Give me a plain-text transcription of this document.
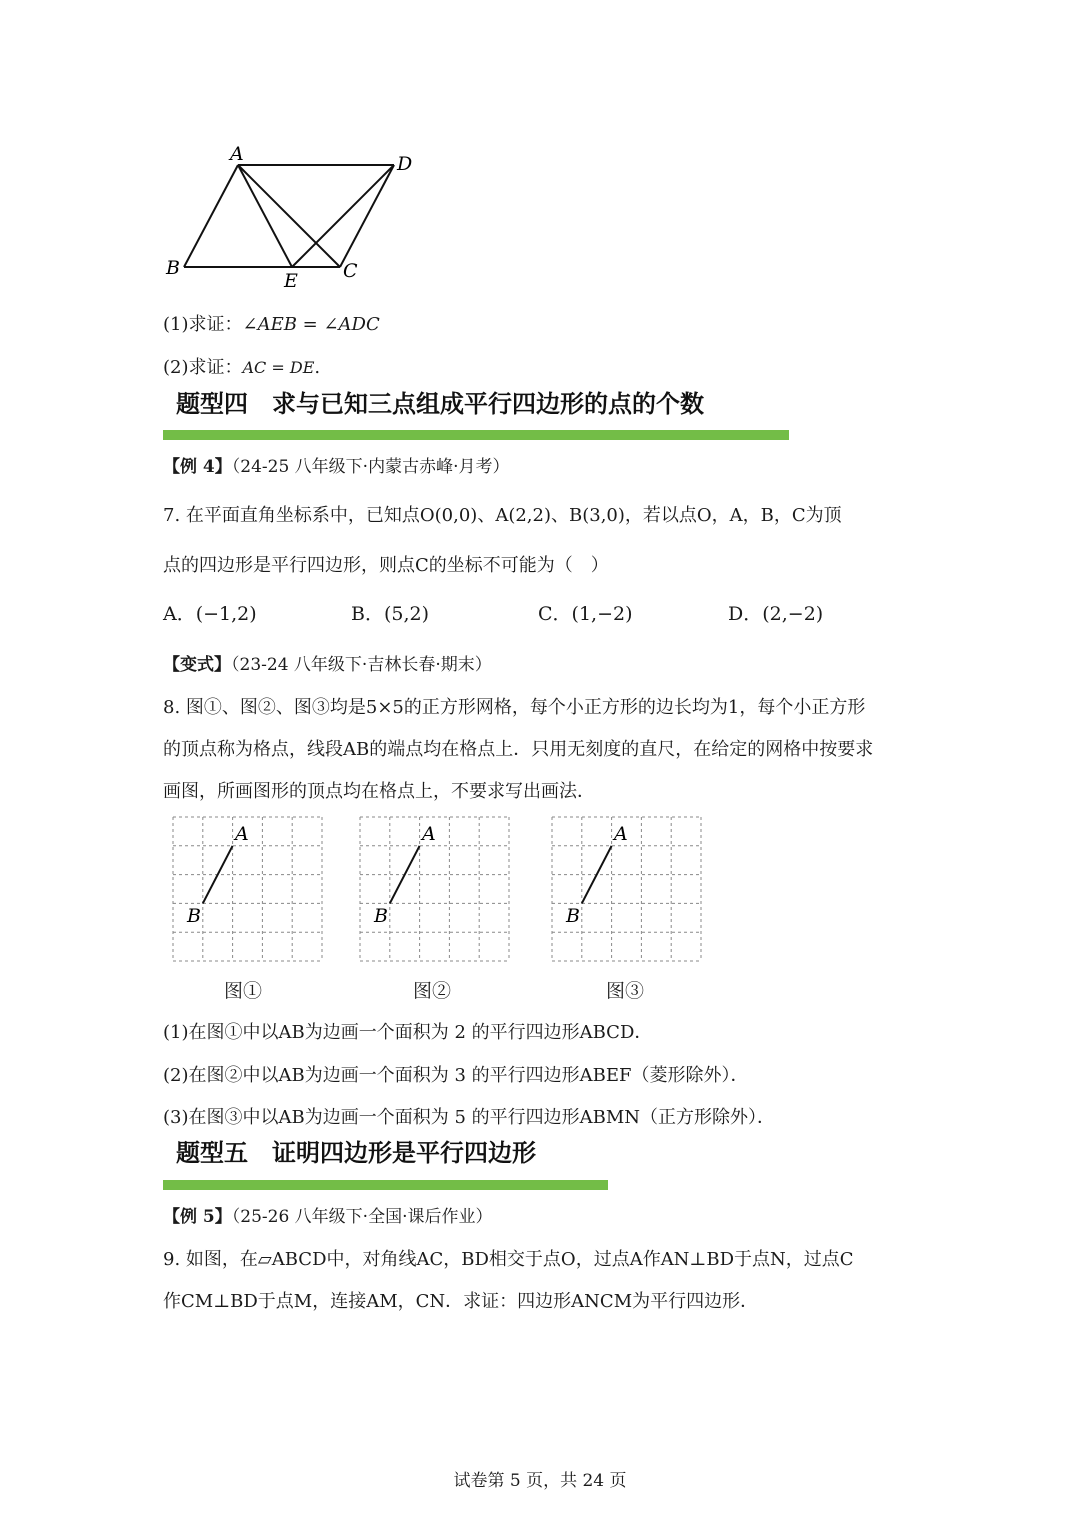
A	D
B
E C
(1)求证：∠AEB = ∠ADC
(2)求证：AC = DE.
题型四　求与已知三点组成平行四边形的点的个数
【例 4】（24-25 八年级下·内蒙古赤峰·月考）
7. 在平面直角坐标系中，已知点O(0,0)、A(2,2)、B(3,0)，若以点O，A，B，C为顶
点的四边形是平行四边形，则点C的坐标不可能为（　）
A．(−1,2)	B．(5,2)	C．(1,−2)	D．(2,−2)
【变式】（23-24 八年级下·吉林长春·期末）
8. 图①、图②、图③均是5×5的正方形网格，每个小正方形的边长均为1，每个小正方形
的顶点称为格点，线段AB的端点均在格点上．只用无刻度的直尺，在给定的网格中按要求
画图，所画图形的顶点均在格点上，不要求写出画法．
A
B
A
B
A
B
图①	图②	图③
(1)在图①中以AB为边画一个面积为 2 的平行四边形ABCD．
(2)在图②中以AB为边画一个面积为 3 的平行四边形ABEF（菱形除外）．
(3)在图③中以AB为边画一个面积为 5 的平行四边形ABMN（正方形除外）．
题型五　证明四边形是平行四边形
【例 5】（25-26 八年级下·全国·课后作业）
9. 如图，在▱ABCD中，对角线AC，BD相交于点O，过点A作AN⊥BD于点N，过点C
作CM⊥BD于点M，连接AM，CN．求证：四边形ANCM为平行四边形．
试卷第 5 页，共 24 页
